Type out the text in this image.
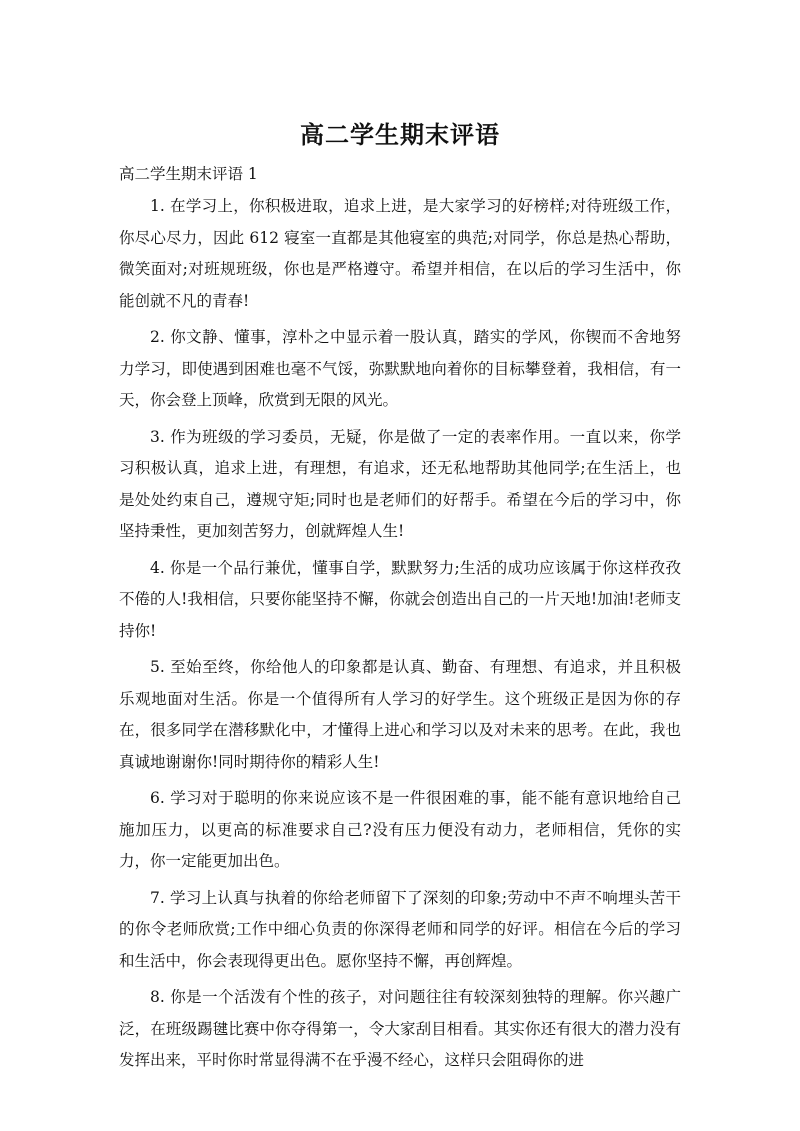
高二学生期末评语
高二学生期末评语 1

1. 在学习上，你积极进取，追求上进，是大家学习的好榜样;对待班级工作，你尽心尽力，因此 612 寝室一直都是其他寝室的典范;对同学，你总是热心帮助，微笑面对;对班规班级，你也是严格遵守。希望并相信，在以后的学习生活中，你能创就不凡的青春!

2. 你文静、懂事，淳朴之中显示着一股认真，踏实的学风，你锲而不舍地努力学习，即使遇到困难也毫不气馁，弥默默地向着你的目标攀登着，我相信，有一天，你会登上顶峰，欣赏到无限的风光。

3. 作为班级的学习委员，无疑，你是做了一定的表率作用。一直以来，你学习积极认真，追求上进，有理想，有追求，还无私地帮助其他同学;在生活上，也是处处约束自己，遵规守矩;同时也是老师们的好帮手。希望在今后的学习中，你坚持秉性，更加刻苦努力，创就辉煌人生!

4. 你是一个品行兼优，懂事自学，默默努力;生活的成功应该属于你这样孜孜不倦的人!我相信，只要你能坚持不懈，你就会创造出自己的一片天地!加油!老师支持你!

5. 至始至终，你给他人的印象都是认真、勤奋、有理想、有追求，并且积极乐观地面对生活。你是一个值得所有人学习的好学生。这个班级正是因为你的存在，很多同学在潜移默化中，才懂得上进心和学习以及对未来的思考。在此，我也真诚地谢谢你!同时期待你的精彩人生!

6. 学习对于聪明的你来说应该不是一件很困难的事，能不能有意识地给自己施加压力，以更高的标准要求自己?没有压力便没有动力，老师相信，凭你的实力，你一定能更加出色。

7. 学习上认真与执着的你给老师留下了深刻的印象;劳动中不声不响埋头苦干的你令老师欣赏;工作中细心负责的你深得老师和同学的好评。相信在今后的学习和生活中，你会表现得更出色。愿你坚持不懈，再创辉煌。

8. 你是一个活泼有个性的孩子，对问题往往有较深刻独特的理解。你兴趣广泛，在班级踢毽比赛中你夺得第一，令大家刮目相看。其实你还有很大的潜力没有发挥出来，平时你时常显得满不在乎漫不经心，这样只会阻碍你的进
